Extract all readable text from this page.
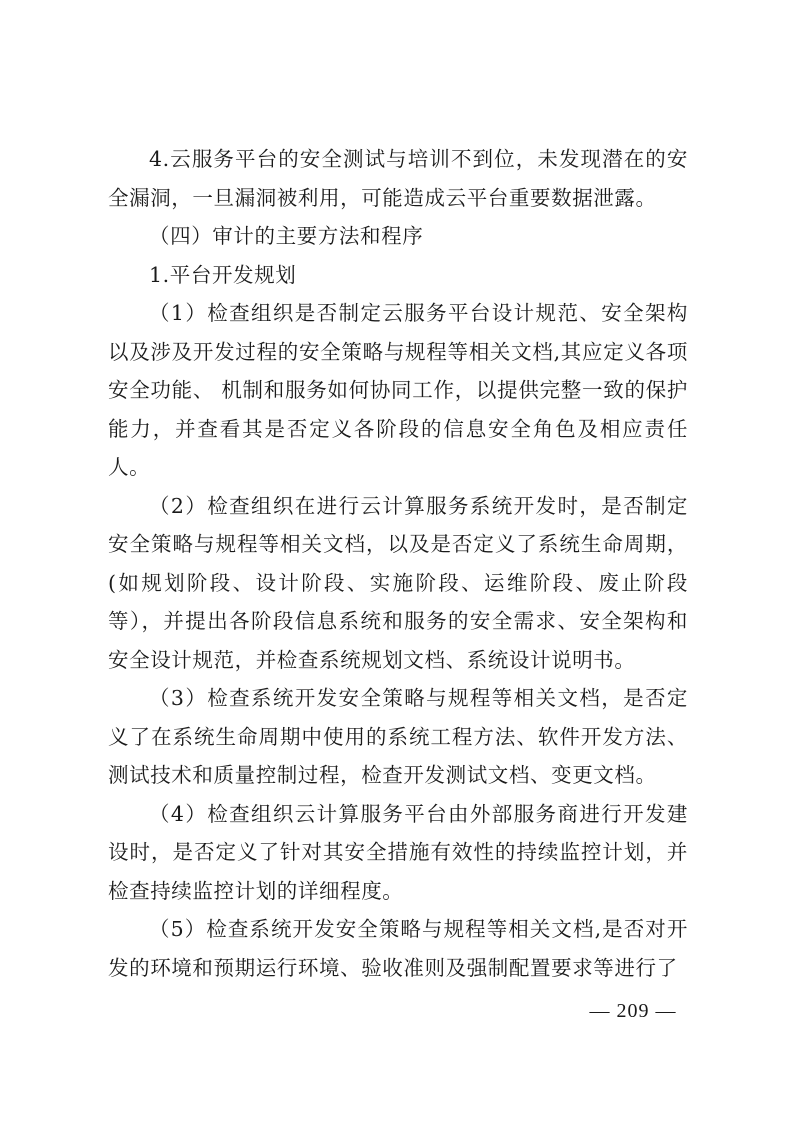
4.云服务平台的安全测试与培训不到位，未发现潜在的安全漏洞，一旦漏洞被利用，可能造成云平台重要数据泄露。

（四）审计的主要方法和程序

1.平台开发规划

（1）检查组织是否制定云服务平台设计规范、安全架构以及涉及开发过程的安全策略与规程等相关文档,其应定义各项安全功能、 机制和服务如何协同工作，以提供完整一致的保护能力，并查看其是否定义各阶段的信息安全角色及相应责任人。

（2）检查组织在进行云计算服务系统开发时，是否制定安全策略与规程等相关文档，以及是否定义了系统生命周期，(如规划阶段、设计阶段、实施阶段、运维阶段、废止阶段等），并提出各阶段信息系统和服务的安全需求、安全架构和安全设计规范，并检查系统规划文档、系统设计说明书。

（3）检查系统开发安全策略与规程等相关文档，是否定义了在系统生命周期中使用的系统工程方法、软件开发方法、测试技术和质量控制过程，检查开发测试文档、变更文档。

（4）检查组织云计算服务平台由外部服务商进行开发建设时，是否定义了针对其安全措施有效性的持续监控计划，并检查持续监控计划的详细程度。

（5）检查系统开发安全策略与规程等相关文档,是否对开发的环境和预期运行环境、验收准则及强制配置要求等进行了

— 209 —
